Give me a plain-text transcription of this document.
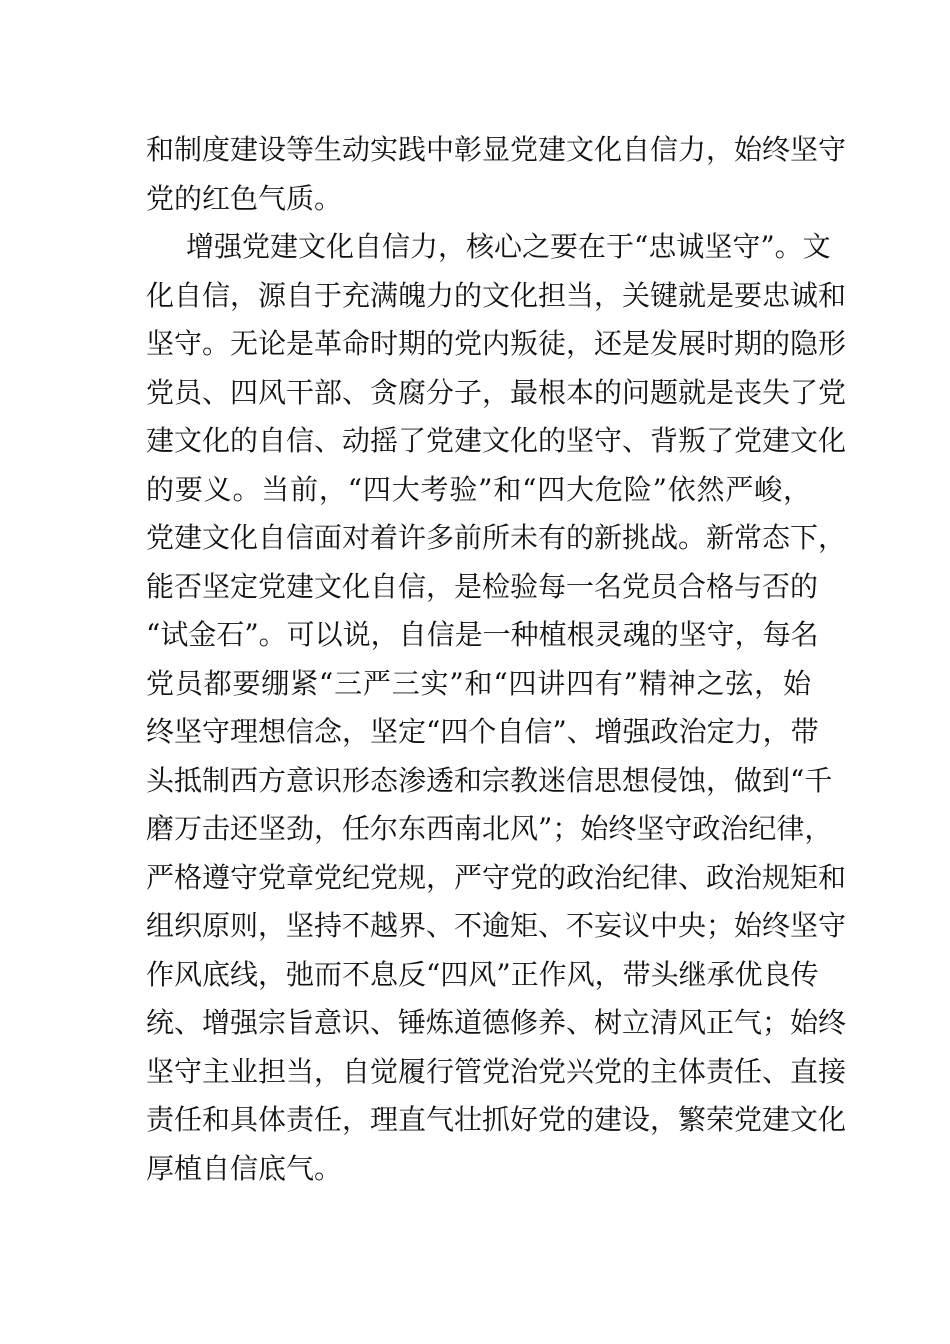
和制度建设等生动实践中彰显党建文化自信力，始终坚守
党的红色气质。
增强党建文化自信力，核心之要在于“忠诚坚守”。文
化自信，源自于充满魄力的文化担当，关键就是要忠诚和
坚守。无论是革命时期的党内叛徒，还是发展时期的隐形
党员、四风干部、贪腐分子，最根本的问题就是丧失了党
建文化的自信、动摇了党建文化的坚守、背叛了党建文化
的要义。当前，“四大考验”和“四大危险”依然严峻，
党建文化自信面对着许多前所未有的新挑战。新常态下，
能否坚定党建文化自信，是检验每一名党员合格与否的
“试金石”。可以说，自信是一种植根灵魂的坚守，每名
党员都要绷紧“三严三实”和“四讲四有”精神之弦，始
终坚守理想信念，坚定“四个自信”、增强政治定力，带
头抵制西方意识形态渗透和宗教迷信思想侵蚀，做到“千
磨万击还坚劲，任尔东西南北风”；始终坚守政治纪律，
严格遵守党章党纪党规，严守党的政治纪律、政治规矩和
组织原则，坚持不越界、不逾矩、不妄议中央；始终坚守
作风底线，弛而不息反“四风”正作风，带头继承优良传
统、增强宗旨意识、锤炼道德修养、树立清风正气；始终
坚守主业担当，自觉履行管党治党兴党的主体责任、直接
责任和具体责任，理直气壮抓好党的建设，繁荣党建文化
厚植自信底气。
